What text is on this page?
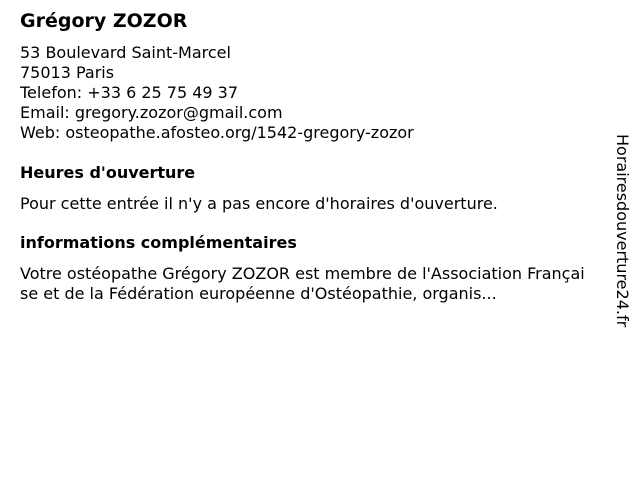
Grégory ZOZOR
53 Boulevard Saint-Marcel
75013 Paris
Telefon: +33 6 25 75 49 37
Email: gregory.zozor@gmail.com
Web: osteopathe.afosteo.org/1542-gregory-zozor
Heures d'ouverture
Pour cette entrée il n'y a pas encore d'horaires d'ouverture.
informations complémentaires
Votre ostéopathe Grégory ZOZOR est membre de l'Association Française et de la Fédération européenne d'Ostéopathie, organis...	Horairesdouverture24.fr
